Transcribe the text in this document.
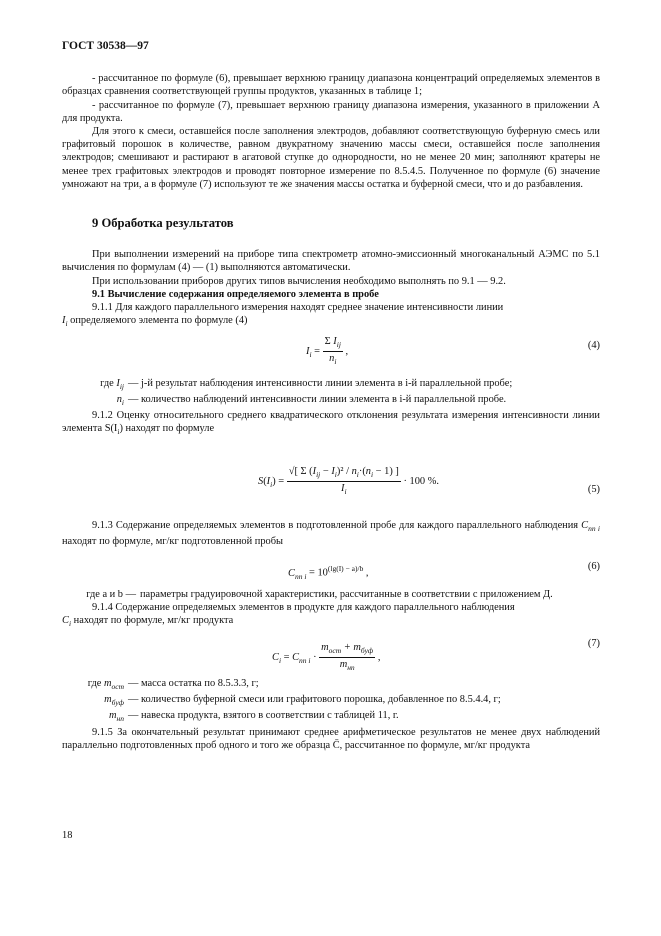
ГОСТ 30538—97

- рассчитанное по формуле (6), превышает верхнюю границу диапазона концентраций определяемых элементов в образцах сравнения соответствующей группы продуктов, указанных в таблице 1;

- рассчитанное по формуле (7), превышает верхнюю границу диапазона измерения, указанного в приложении А для продукта.

Для этого к смеси, оставшейся после заполнения электродов, добавляют соответствующую буферную смесь или графитовый порошок в количестве, равном двукратному значению массы смеси, оставшейся после заполнения электродов; смешивают и растирают в агатовой ступке до однородности, но не менее 20 мин; заполняют кратеры не менее трех графитовых электродов и проводят повторное измерение по 8.5.4.5. Полученное по формуле (6) значение умножают на три, а в формуле (7) используют те же значения массы остатка и буферной смеси, что и до разбавления.

9 Обработка результатов

При выполнении измерений на приборе типа спектрометр атомно-эмиссионный многоканальный АЭМС по 5.1 вычисления по формулам (4) — (1) выполняются автоматически.

При использовании приборов других типов вычисления необходимо выполнять по 9.1 — 9.2.

9.1 Вычисление содержания определяемого элемента в пробе

9.1.1 Для каждого параллельного измерения находят среднее значение интенсивности линии

$I_i$ определяемого элемента по формуле (4)

$I_i = \frac{\Sigma I_{ij}}{n_i}$ ,
(4)
где $I_{ij}$ — j-й результат наблюдения интенсивности линии элемента в i-й параллельной пробе;
$n_i$ — количество наблюдений интенсивности линии элемента в i-й параллельной пробе.

9.1.2 Оценку относительного среднего квадратического отклонения результата измерения интенсивности линии элемента $S(I_i)$ находят по формуле

$S(I_i) = \frac{√[ \Sigma (I_{ij} - I_i)^2 / n_i\cdot(n_i - 1) ]}{I_i} \cdot 100$ %.
(5)

9.1.3 Содержание определяемых элементов в подготовленной пробе для каждого параллельного наблюдения $C_{пп i}$ находят по формуле, мг/кг подготовленной пробы

$C_{пп i} = 10^{(lg(I) - a)/b}$ ,
(6)
где a и b — параметры градуировочной характеристики, рассчитанные в соответствии с приложением Д.

9.1.4 Содержание определяемых элементов в продукте для каждого параллельного наблюдения

$C_i$ находят по формуле, мг/кг продукта

$C_i = C_{пп i} \cdot \frac{m_{ост} + m_{буф}}{m_{нп}}$ ,
(7)
где $m_{ост}$ — масса остатка по 8.5.3.3, г;
$m_{буф}$ — количество буферной смеси или графитового порошка, добавленное по 8.5.4.4, г;
$m_{нп}$ — навеска продукта, взятого в соответствии с таблицей 11, г.

9.1.5 За окончательный результат принимают среднее арифметическое результатов не менее двух наблюдений параллельно подготовленных проб одного и того же образца C̄, рассчитанное по формуле, мг/кг продукта

18
